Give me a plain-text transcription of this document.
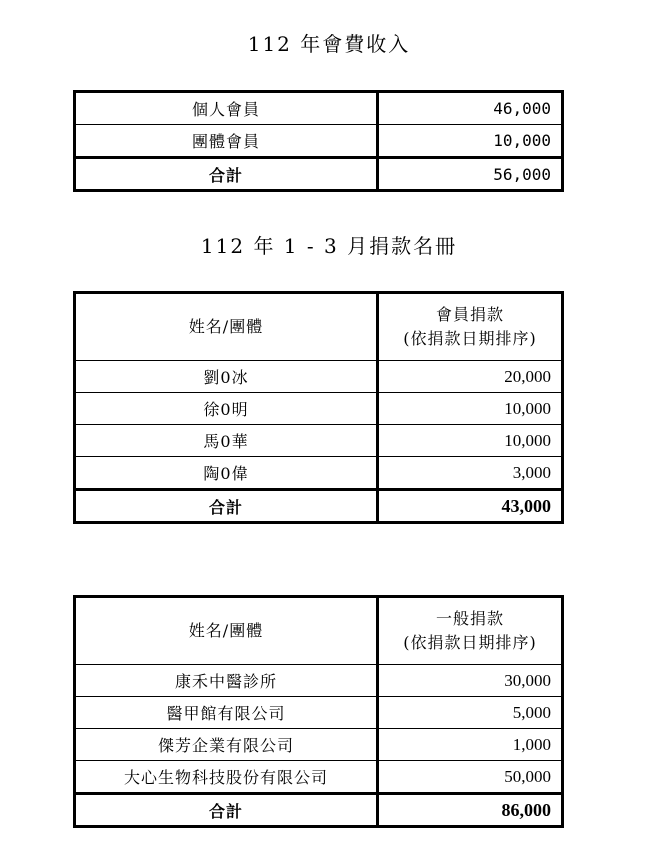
112 年會費收入
個人會員	46,000
團體會員	10,000
合計	56,000
112 年 1 - 3 月捐款名冊
姓名/團體	會員捐款
(依捐款日期排序)

劉0冰	20,000
徐0明	10,000
馬0華	10,000
陶0偉	3,000
合計	43,000
姓名/團體	一般捐款
(依捐款日期排序)

康禾中醫診所	30,000
醫甲館有限公司	5,000
傑芳企業有限公司	1,000
大心生物科技股份有限公司	50,000
合計	86,000
